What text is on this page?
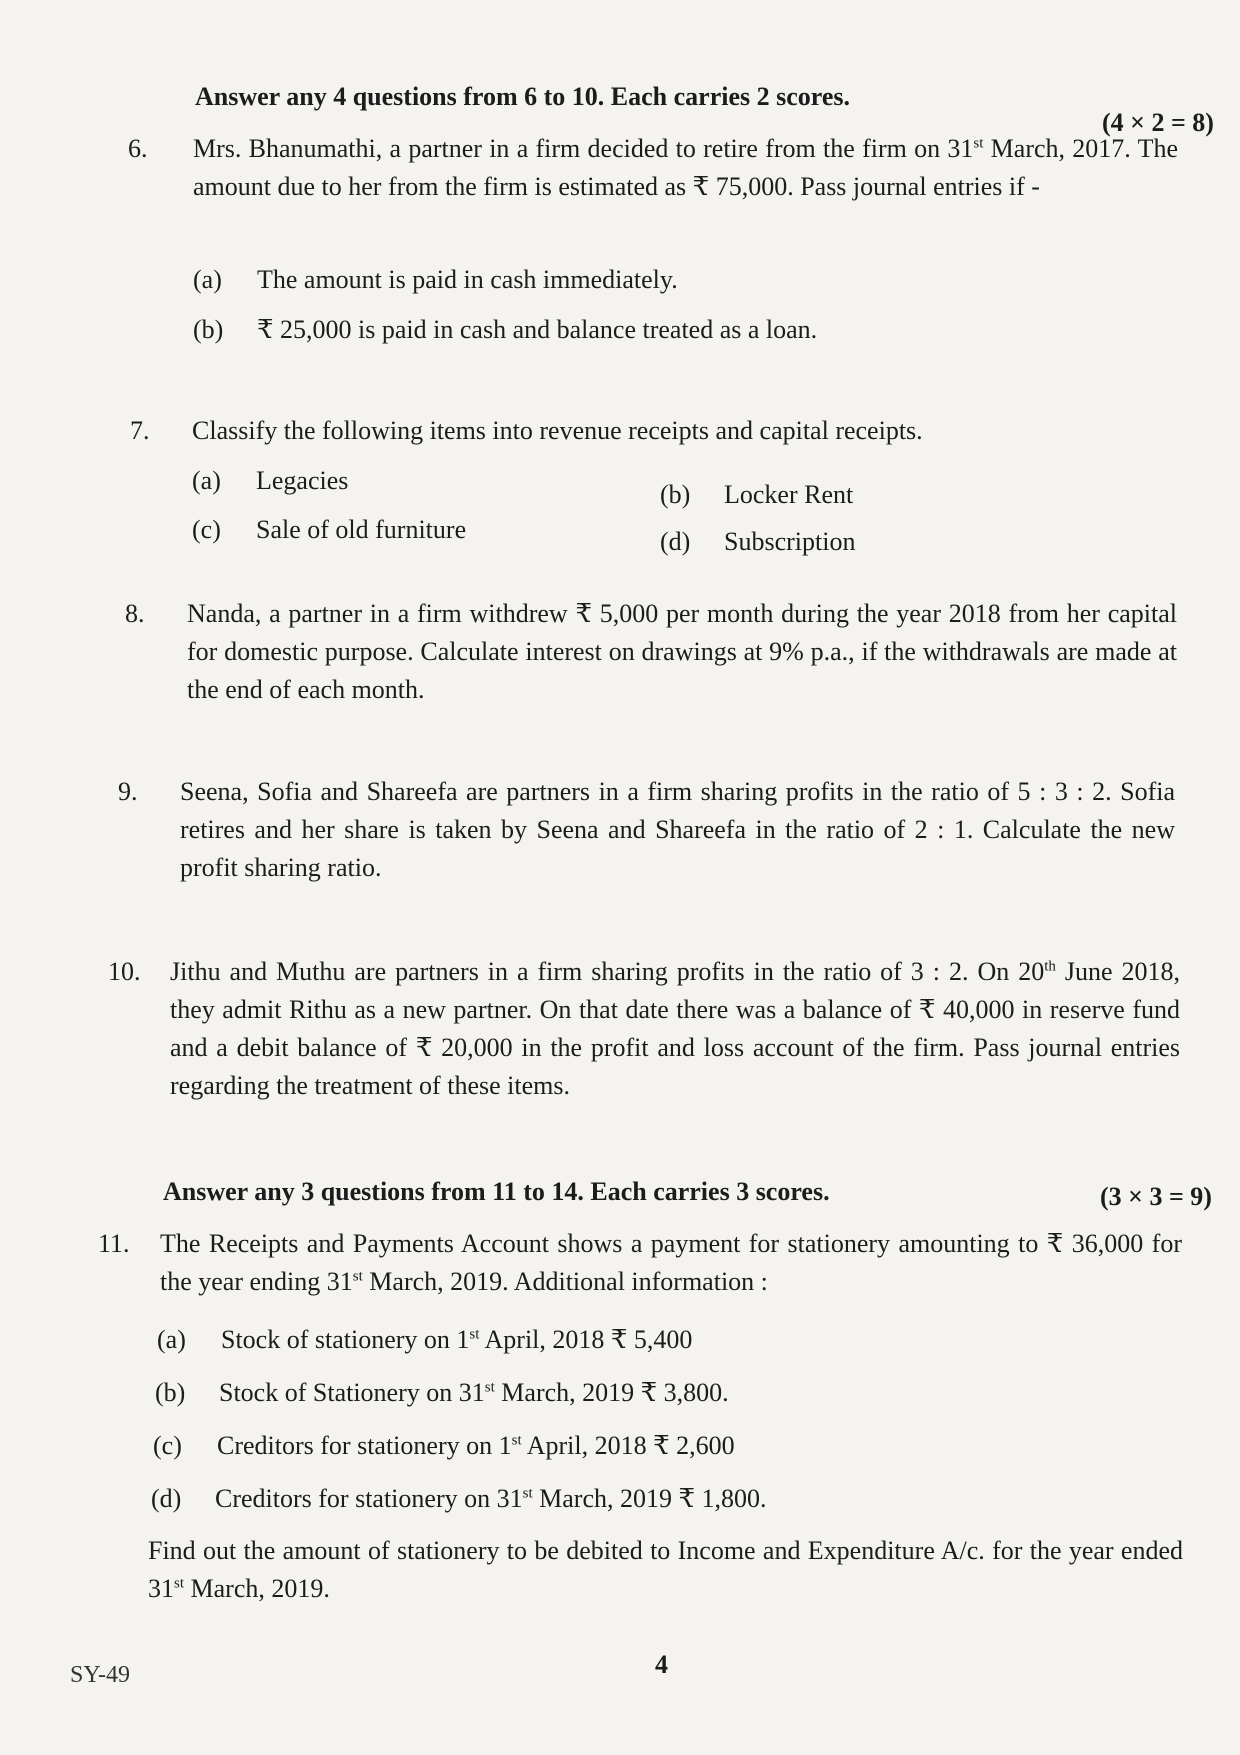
Answer any 4 questions from 6 to 10. Each carries 2 scores.
(4 × 2 = 8)
6. Mrs. Bhanumathi, a partner in a firm decided to retire from the firm on 31st March, 2017. The amount due to her from the firm is estimated as ₹ 75,000. Pass journal entries if -
(a) The amount is paid in cash immediately.
(b) ₹ 25,000 is paid in cash and balance treated as a loan.
7. Classify the following items into revenue receipts and capital receipts.
(a) Legacies	(b) Locker Rent
(c) Sale of old furniture	(d) Subscription
8. Nanda, a partner in a firm withdrew ₹ 5,000 per month during the year 2018 from her capital for domestic purpose. Calculate interest on drawings at 9% p.a., if the withdrawals are made at the end of each month.
9. Seena, Sofia and Shareefa are partners in a firm sharing profits in the ratio of 5 : 3 : 2. Sofia retires and her share is taken by Seena and Shareefa in the ratio of 2 : 1. Calculate the new profit sharing ratio.
10. Jithu and Muthu are partners in a firm sharing profits in the ratio of 3 : 2. On 20th June 2018, they admit Rithu as a new partner. On that date there was a balance of ₹ 40,000 in reserve fund and a debit balance of ₹ 20,000 in the profit and loss account of the firm. Pass journal entries regarding the treatment of these items.
Answer any 3 questions from 11 to 14. Each carries 3 scores.	(3 × 3 = 9)
11. The Receipts and Payments Account shows a payment for stationery amounting to ₹ 36,000 for the year ending 31st March, 2019. Additional information :
(a) Stock of stationery on 1st April, 2018 ₹ 5,400
(b) Stock of Stationery on 31st March, 2019 ₹ 3,800.
(c) Creditors for stationery on 1st April, 2018 ₹ 2,600
(d) Creditors for stationery on 31st March, 2019 ₹ 1,800.
Find out the amount of stationery to be debited to Income and Expenditure A/c. for the year ended 31st March, 2019.
SY-49	4
